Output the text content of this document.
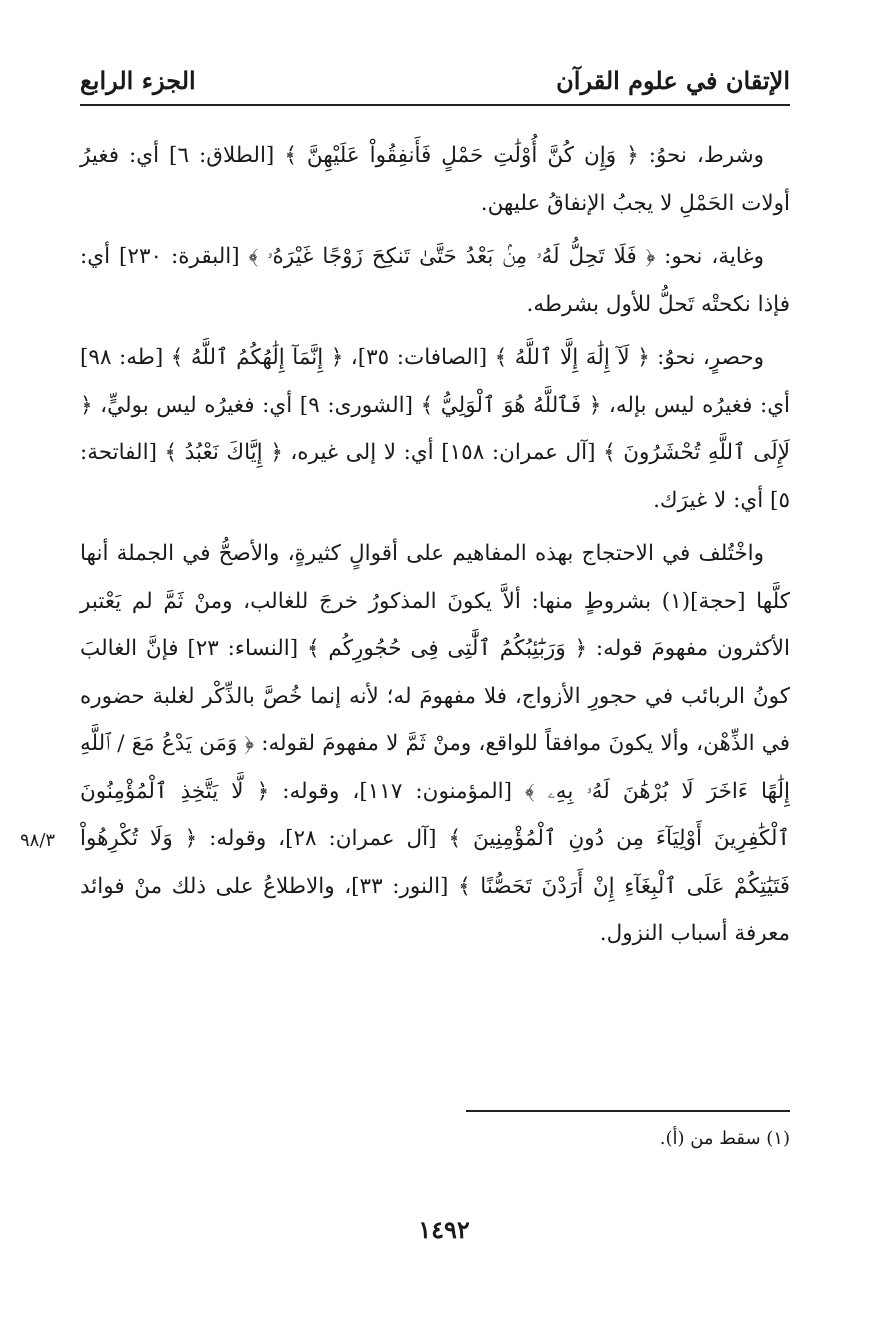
الإتقان في علوم القرآن
الجزء الرابع

وشرط، نحوُ: ﴿ وَإِن كُنَّ أُوْلَٰتِ حَمْلٍ فَأَنفِقُواْ عَلَيْهِنَّ ﴾ [الطلاق: ٦] أي: فغيرُ أولات الحَمْلِ لا يجبُ الإنفاقُ عليهن.

وغاية، نحو: ﴿ فَلَا تَحِلُّ لَهُۥ مِنۢ بَعْدُ حَتَّىٰ تَنكِحَ زَوْجًا غَيْرَهُۥ ﴾ [البقرة: ٢٣٠] أي: فإذا نكحتْه تَحلُّ للأول بشرطه.

وحصرٍ، نحوُ: ﴿ لَآ إِلَٰهَ إِلَّا ٱللَّهُ ﴾ [الصافات: ٣٥]، ﴿ إِنَّمَآ إِلَٰهُكُمُ ٱللَّهُ ﴾ [طه: ٩٨] أي: فغيرُه ليس بإله، ﴿ فَٱللَّهُ هُوَ ٱلْوَلِيُّ ﴾ [الشورى: ٩] أي: فغيرُه ليس بوليٍّ، ﴿ لَإِلَى ٱللَّهِ تُحْشَرُونَ ﴾ [آل عمران: ١٥٨] أي: لا إلى غيره، ﴿ إِيَّاكَ نَعْبُدُ ﴾ [الفاتحة: ٥] أي: لا غيرَك.

واخْتُلف في الاحتجاج بهذه المفاهيم على أقوالٍ كثيرةٍ، والأصحُّ في الجملة أنها كلَّها [حجة](١) بشروطٍ منها: ألاَّ يكونَ المذكورُ خرجَ للغالب، ومنْ ثَمَّ لم يَعْتبر الأكثرون مفهومَ قوله: ﴿ وَرَبَٰٓئِبُكُمُ ٱلَّٰتِى فِى حُجُورِكُم ﴾ [النساء: ٢٣] فإنَّ الغالبَ كونُ الربائب في حجورِ الأزواج، فلا مفهومَ له؛ لأنه إنما خُصَّ بالذِّكْر لغلبة حضوره في الذِّهْن، وألا يكونَ موافقاً للواقع، ومنْ ثَمَّ لا مفهومَ لقوله: ﴿ وَمَن يَدْعُ مَعَ / ٱللَّهِ إِلَٰهًا ءَاخَرَ لَا بُرْهَٰنَ لَهُۥ بِهِۦ ﴾ [المؤمنون: ١١٧]، وقوله: ﴿ لَّا يَتَّخِذِ ٱلْمُؤْمِنُونَ ٱلْكَٰفِرِينَ أَوْلِيَآءَ مِن دُونِ ٱلْمُؤْمِنِينَ ﴾ [آل عمران: ٢٨]، وقوله: ﴿ وَلَا تُكْرِهُواْ فَتَيَٰتِكُمْ عَلَى ٱلْبِغَآءِ إِنْ أَرَدْنَ تَحَصُّنًا ﴾ [النور: ٣٣]، والاطلاعُ على ذلك منْ فوائد معرفة أسباب النزول.

٩٨/٣
(١) سقط من (أ).
١٤٩٢
